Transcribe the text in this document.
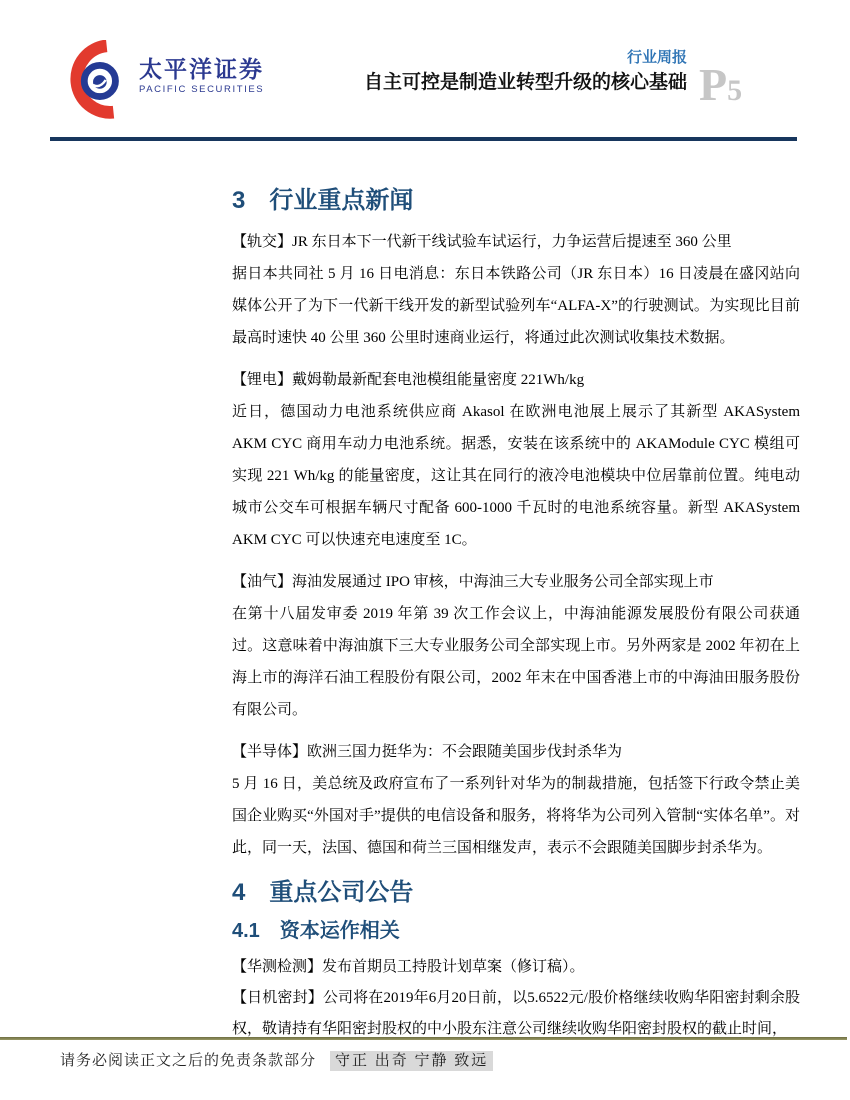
太平洋证券
PACIFIC SECURITIES
行业周报
自主可控是制造业转型升级的核心基础 P5
3　行业重点新闻
【轨交】JR 东日本下一代新干线试验车试运行，力争运营后提速至 360 公里
据日本共同社 5 月 16 日电消息：东日本铁路公司（JR 东日本）16 日凌晨在盛冈站向媒体公开了为下一代新干线开发的新型试验列车“ALFA-X”的行驶测试。为实现比目前最高时速快 40 公里 360 公里时速商业运行，将通过此次测试收集技术数据。
【锂电】戴姆勒最新配套电池模组能量密度 221Wh/kg
近日，德国动力电池系统供应商 Akasol 在欧洲电池展上展示了其新型 AKASystem AKM CYC 商用车动力电池系统。据悉，安装在该系统中的 AKAModule CYC 模组可实现 221 Wh/kg 的能量密度，这让其在同行的液冷电池模块中位居靠前位置。纯电动城市公交车可根据车辆尺寸配备 600-1000 千瓦时的电池系统容量。新型 AKASystem AKM CYC 可以快速充电速度至 1C。
【油气】海油发展通过 IPO 审核，中海油三大专业服务公司全部实现上市
在第十八届发审委 2019 年第 39 次工作会议上，中海油能源发展股份有限公司获通过。这意味着中海油旗下三大专业服务公司全部实现上市。另外两家是 2002 年初在上海上市的海洋石油工程股份有限公司，2002 年末在中国香港上市的中海油田服务股份有限公司。
【半导体】欧洲三国力挺华为：不会跟随美国步伐封杀华为
5 月 16 日，美总统及政府宣布了一系列针对华为的制裁措施，包括签下行政令禁止美国企业购买“外国对手”提供的电信设备和服务，将将华为公司列入管制“实体名单”。对此，同一天，法国、德国和荷兰三国相继发声，表示不会跟随美国脚步封杀华为。
4　重点公司公告
4.1　资本运作相关
【华测检测】发布首期员工持股计划草案（修订稿）。
【日机密封】公司将在2019年6月20日前，以5.6522元/股价格继续收购华阳密封剩余股权，敬请持有华阳密封股权的中小股东注意公司继续收购华阳密封股权的截止时间，
请务必阅读正文之后的免责条款部分 守正 出奇 宁静 致远
